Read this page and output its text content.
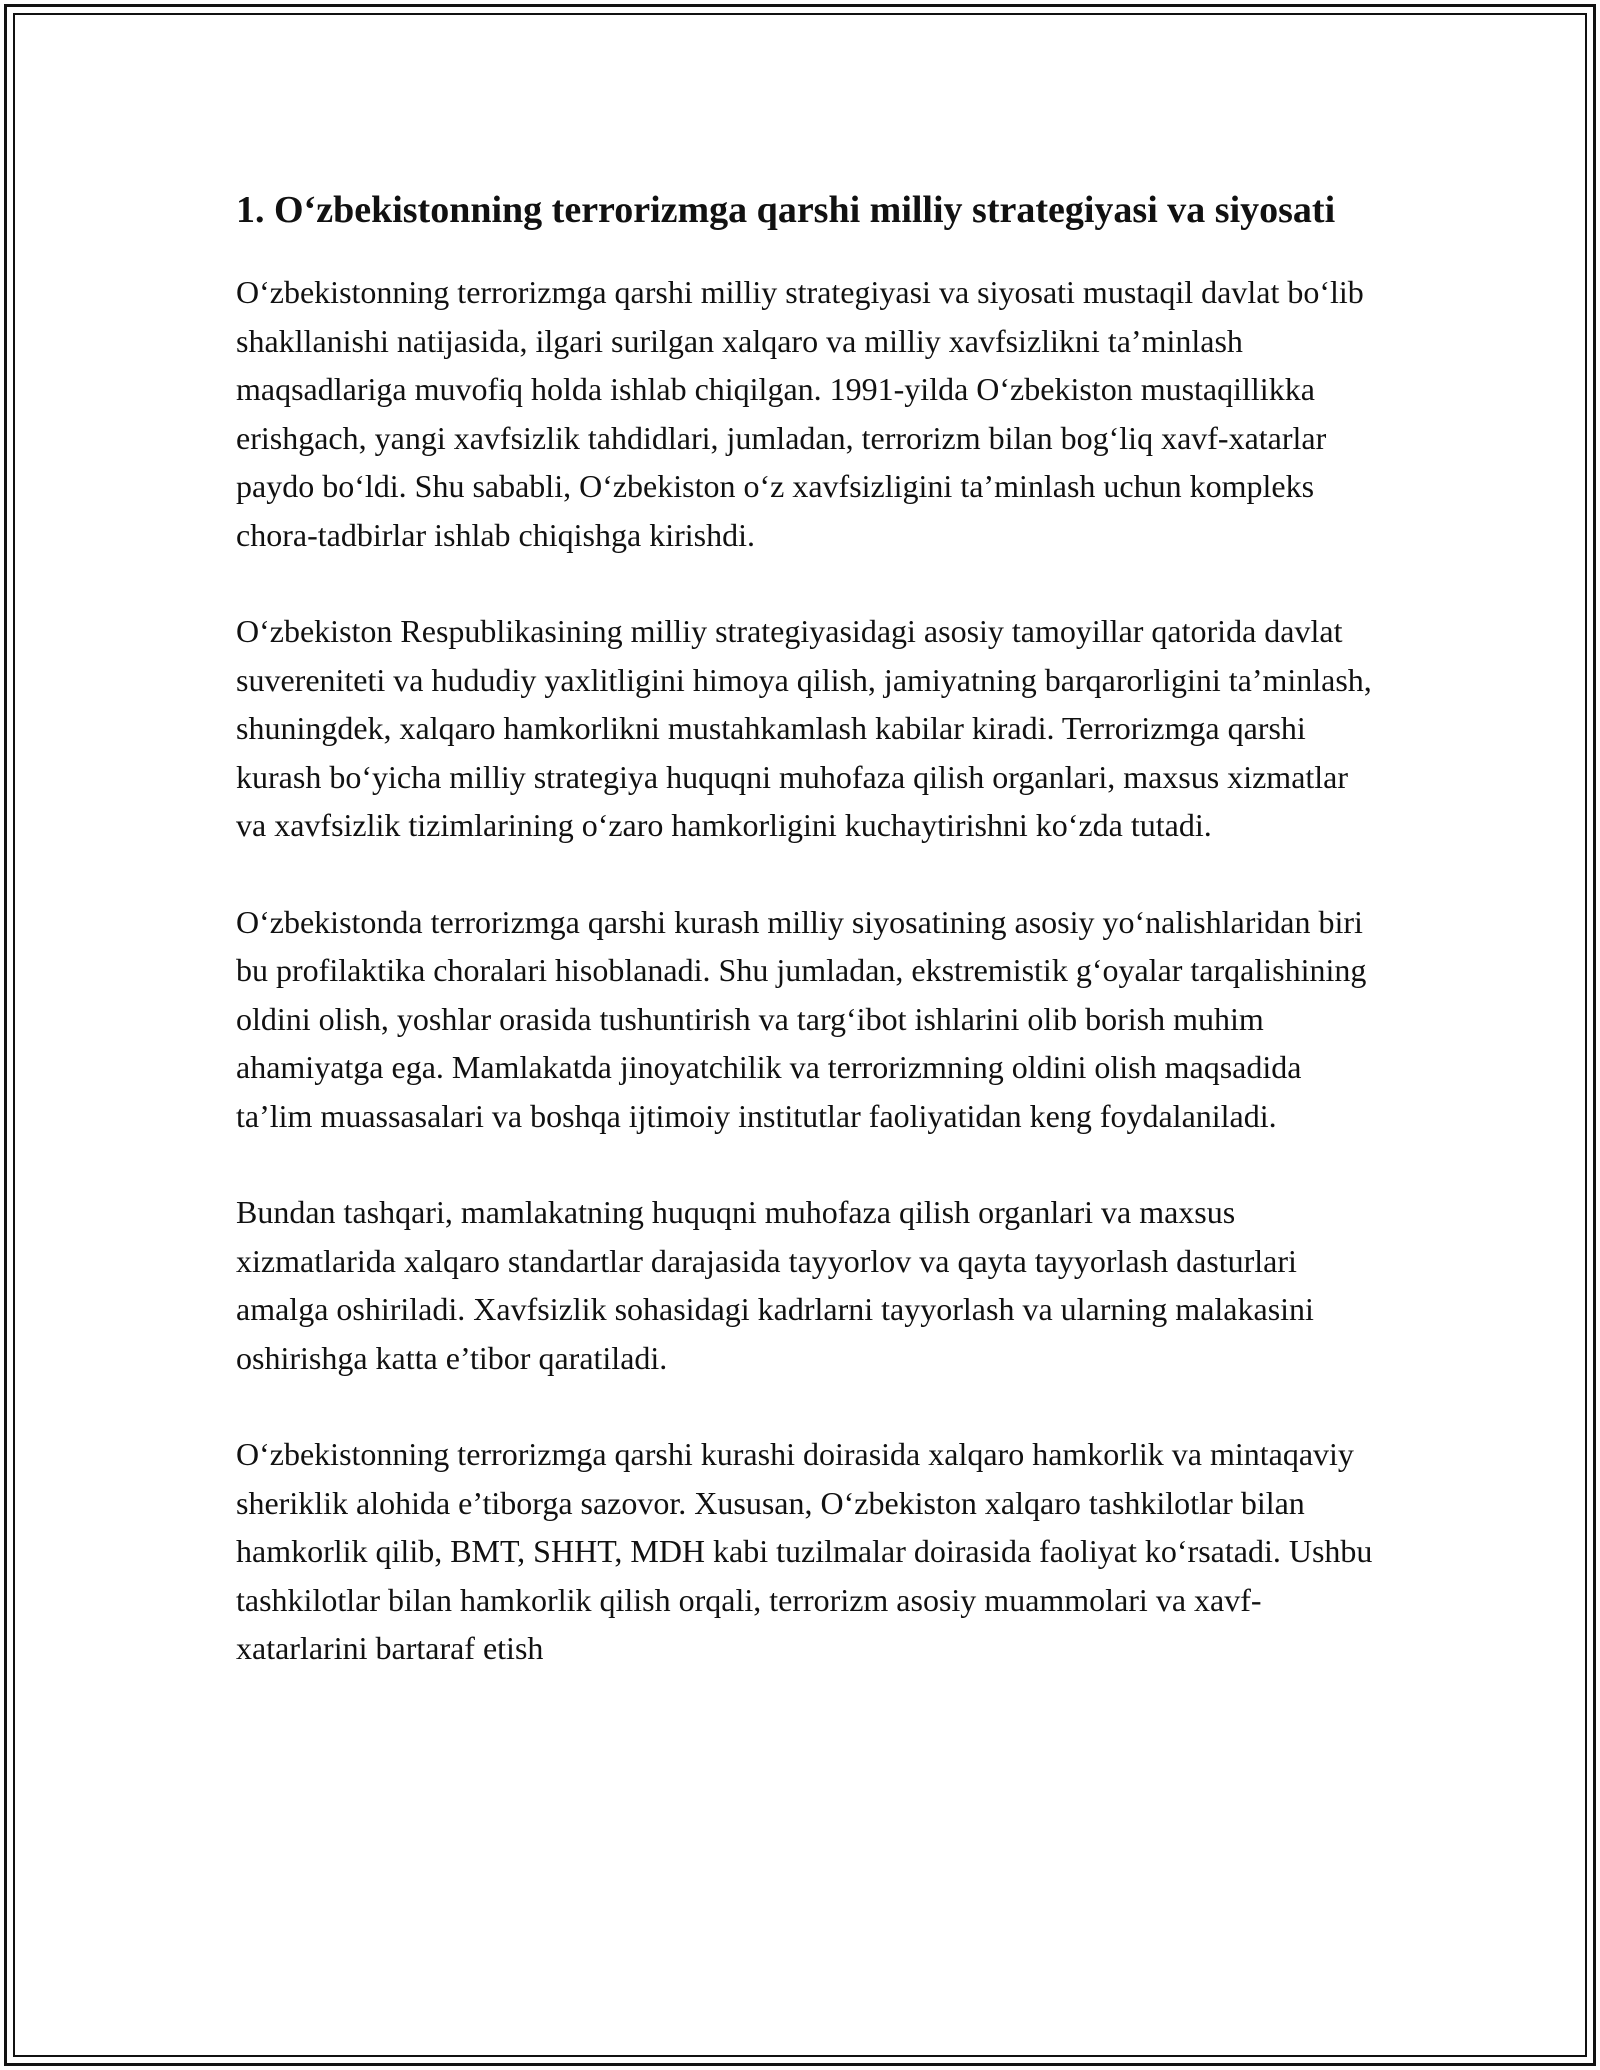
1. O‘zbekistonning terrorizmga qarshi milliy strategiyasi va siyosati

O‘zbekistonning terrorizmga qarshi milliy strategiyasi va siyosati mustaqil davlat bo‘lib shakllanishi natijasida, ilgari surilgan xalqaro va milliy xavfsizlikni ta’minlash maqsadlariga muvofiq holda ishlab chiqilgan. 1991-yilda O‘zbekiston mustaqillikka erishgach, yangi xavfsizlik tahdidlari, jumladan, terrorizm bilan bog‘liq xavf-xatarlar paydo bo‘ldi. Shu sababli, O‘zbekiston o‘z xavfsizligini ta’minlash uchun kompleks chora-tadbirlar ishlab chiqishga kirishdi.

O‘zbekiston Respublikasining milliy strategiyasidagi asosiy tamoyillar qatorida davlat suvereniteti va hududiy yaxlitligini himoya qilish, jamiyatning barqarorligini ta’minlash, shuningdek, xalqaro hamkorlikni mustahkamlash kabilar kiradi. Terrorizmga qarshi kurash bo‘yicha milliy strategiya huquqni muhofaza qilish organlari, maxsus xizmatlar va xavfsizlik tizimlarining o‘zaro hamkorligini kuchaytirishni ko‘zda tutadi.

O‘zbekistonda terrorizmga qarshi kurash milliy siyosatining asosiy yo‘nalishlaridan biri bu profilaktika choralari hisoblanadi. Shu jumladan, ekstremistik g‘oyalar tarqalishining oldini olish, yoshlar orasida tushuntirish va targ‘ibot ishlarini olib borish muhim ahamiyatga ega. Mamlakatda jinoyatchilik va terrorizmning oldini olish maqsadida ta’lim muassasalari va boshqa ijtimoiy institutlar faoliyatidan keng foydalaniladi.

Bundan tashqari, mamlakatning huquqni muhofaza qilish organlari va maxsus xizmatlarida xalqaro standartlar darajasida tayyorlov va qayta tayyorlash dasturlari amalga oshiriladi. Xavfsizlik sohasidagi kadrlarni tayyorlash va ularning malakasini oshirishga katta e’tibor qaratiladi.

O‘zbekistonning terrorizmga qarshi kurashi doirasida xalqaro hamkorlik va mintaqaviy sheriklik alohida e’tiborga sazovor. Xususan, O‘zbekiston xalqaro tashkilotlar bilan hamkorlik qilib, BMT, SHHT, MDH kabi tuzilmalar doirasida faoliyat ko‘rsatadi. Ushbu tashkilotlar bilan hamkorlik qilish orqali, terrorizm asosiy muammolari va xavf-xatarlarini bartaraf etish
